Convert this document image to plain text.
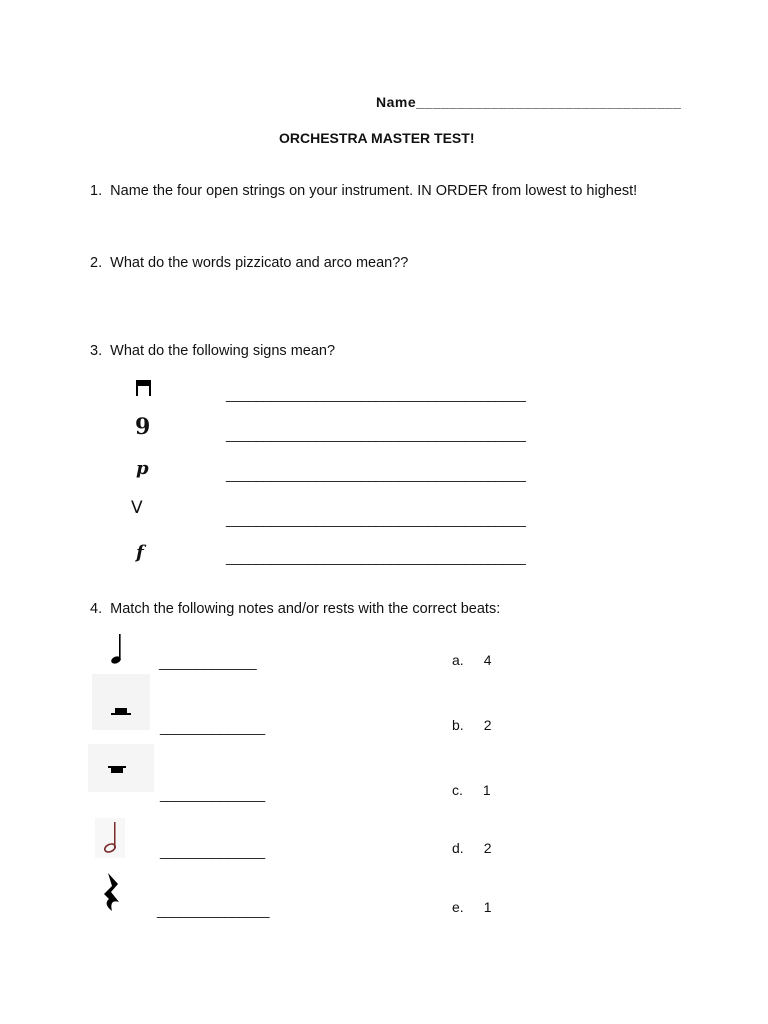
Name________________________________
ORCHESTRA MASTER TEST!
1. Name the four open strings on your instrument. IN ORDER from lowest to highest!
2. What do the words pizzicato and arco mean??
3. What do the following signs mean?
9
p
V
f
________________________________________
________________________________________
________________________________________
________________________________________
________________________________________
4. Match the following notes and/or rests with the correct beats:
_____________
______________
______________
______________
_______________
a. 4
b. 2
c. 1
d. 2
e. 1
